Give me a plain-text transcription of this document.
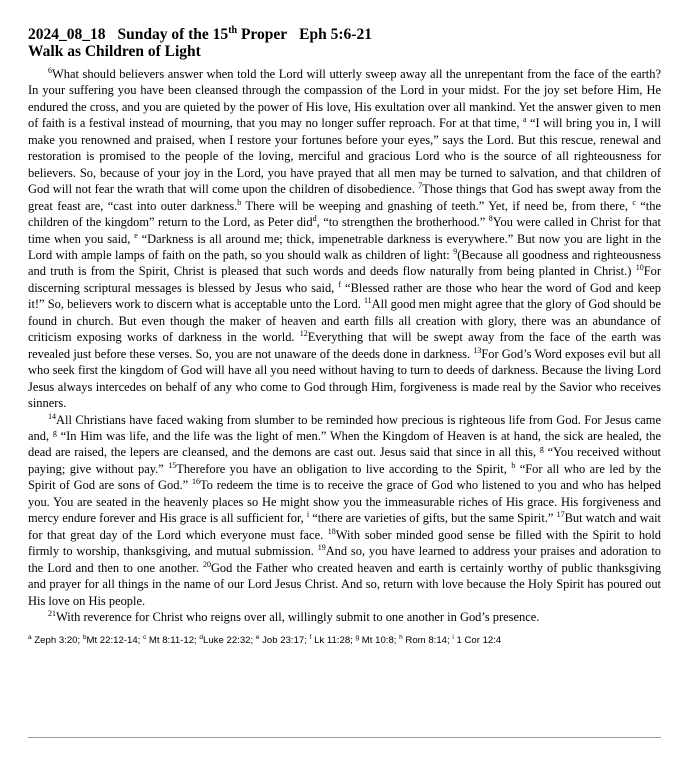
2024_08_18 Sunday of the 15th Proper Eph 5:6-21
Walk as Children of Light

$^6$What should believers answer when told the Lord will utterly sweep away all the unrepentant from the face of the earth? In your suffering you have been cleansed through the compassion of the Lord in your midst. For the joy set before Him, He endured the cross, and you are quieted by the power of His love, His exultation over all mankind. Yet the answer given to men of faith is a festival instead of mourning, that you may no longer suffer reproach. For at that time, $^a$ “I will bring you in, I will make you renowned and praised, when I restore your fortunes before your eyes,” says the Lord. But this rescue, renewal and restoration is promised to the people of the loving, merciful and gracious Lord who is the source of all righteousness for believers. So, because of your joy in the Lord, you have prayed that all men may be turned to salvation, and that children of God will not fear the wrath that will come upon the children of disobedience. $^7$Those things that God has swept away from the great feast are, “cast into outer darkness.$^b$ There will be weeping and gnashing of teeth.” Yet, if need be, from there, $^c$ “the children of the kingdom” return to the Lord, as Peter did$^d$, “to strengthen the brotherhood.” $^8$You were called in Christ for that time when you said, $^e$ “Darkness is all around me; thick, impenetrable darkness is everywhere.” But now you are light in the Lord with ample lamps of faith on the path, so you should walk as children of light: $^9$(Because all goodness and righteousness and truth is from the Spirit, Christ is pleased that such words and deeds flow naturally from being planted in Christ.) $^{10}$For discerning scriptural messages is blessed by Jesus who said, $^f$ “Blessed rather are those who hear the word of God and keep it!” So, believers work to discern what is acceptable unto the Lord. $^{11}$All good men might agree that the glory of God should be found in church. But even though the maker of heaven and earth fills all creation with glory, there was an abundance of criticism exposing works of darkness in the world. $^{12}$Everything that will be swept away from the face of the earth was revealed just before these verses. So, you are not unaware of the deeds done in darkness. $^{13}$For God’s Word exposes evil but all who seek first the kingdom of God will have all you need without having to turn to deeds of darkness. Because the living Lord Jesus always intercedes on behalf of any who come to God through Him, forgiveness is made real by the Savior who receives sinners.

$^{14}$All Christians have faced waking from slumber to be reminded how precious is righteous life from God. For Jesus came and, $^g$ “In Him was life, and the life was the light of men.” When the Kingdom of Heaven is at hand, the sick are healed, the dead are raised, the lepers are cleansed, and the demons are cast out. Jesus said that since in all this, $^g$ “You received without paying; give without pay.” $^{15}$Therefore you have an obligation to live according to the Spirit, $^h$ “For all who are led by the Spirit of God are sons of God.” $^{16}$To redeem the time is to receive the grace of God who listened to you and who has helped you. You are seated in the heavenly places so He might show you the immeasurable riches of His grace. His forgiveness and mercy endure forever and His grace is all sufficient for, $^i$ “there are varieties of gifts, but the same Spirit.” $^{17}$But watch and wait for that great day of the Lord which everyone must face. $^{18}$With sober minded good sense be filled with the Spirit to hold firmly to worship, thanksgiving, and mutual submission. $^{19}$And so, you have learned to address your praises and adoration to the Lord and then to one another. $^{20}$God the Father who created heaven and earth is certainly worthy of public thanksgiving and prayer for all things in the name of our Lord Jesus Christ. And so, return with love because the Holy Spirit has poured out His love on His people.

$^{21}$With reverence for Christ who reigns over all, willingly submit to one another in God’s presence.

$^a$ Zeph 3:20; $^b$Mt 22:12-14; $^c$ Mt 8:11-12; $^d$Luke 22:32; $^e$ Job 23:17; $^f$ Lk 11:28; $^g$ Mt 10:8; $^h$ Rom 8:14; $^i$ 1 Cor 12:4
